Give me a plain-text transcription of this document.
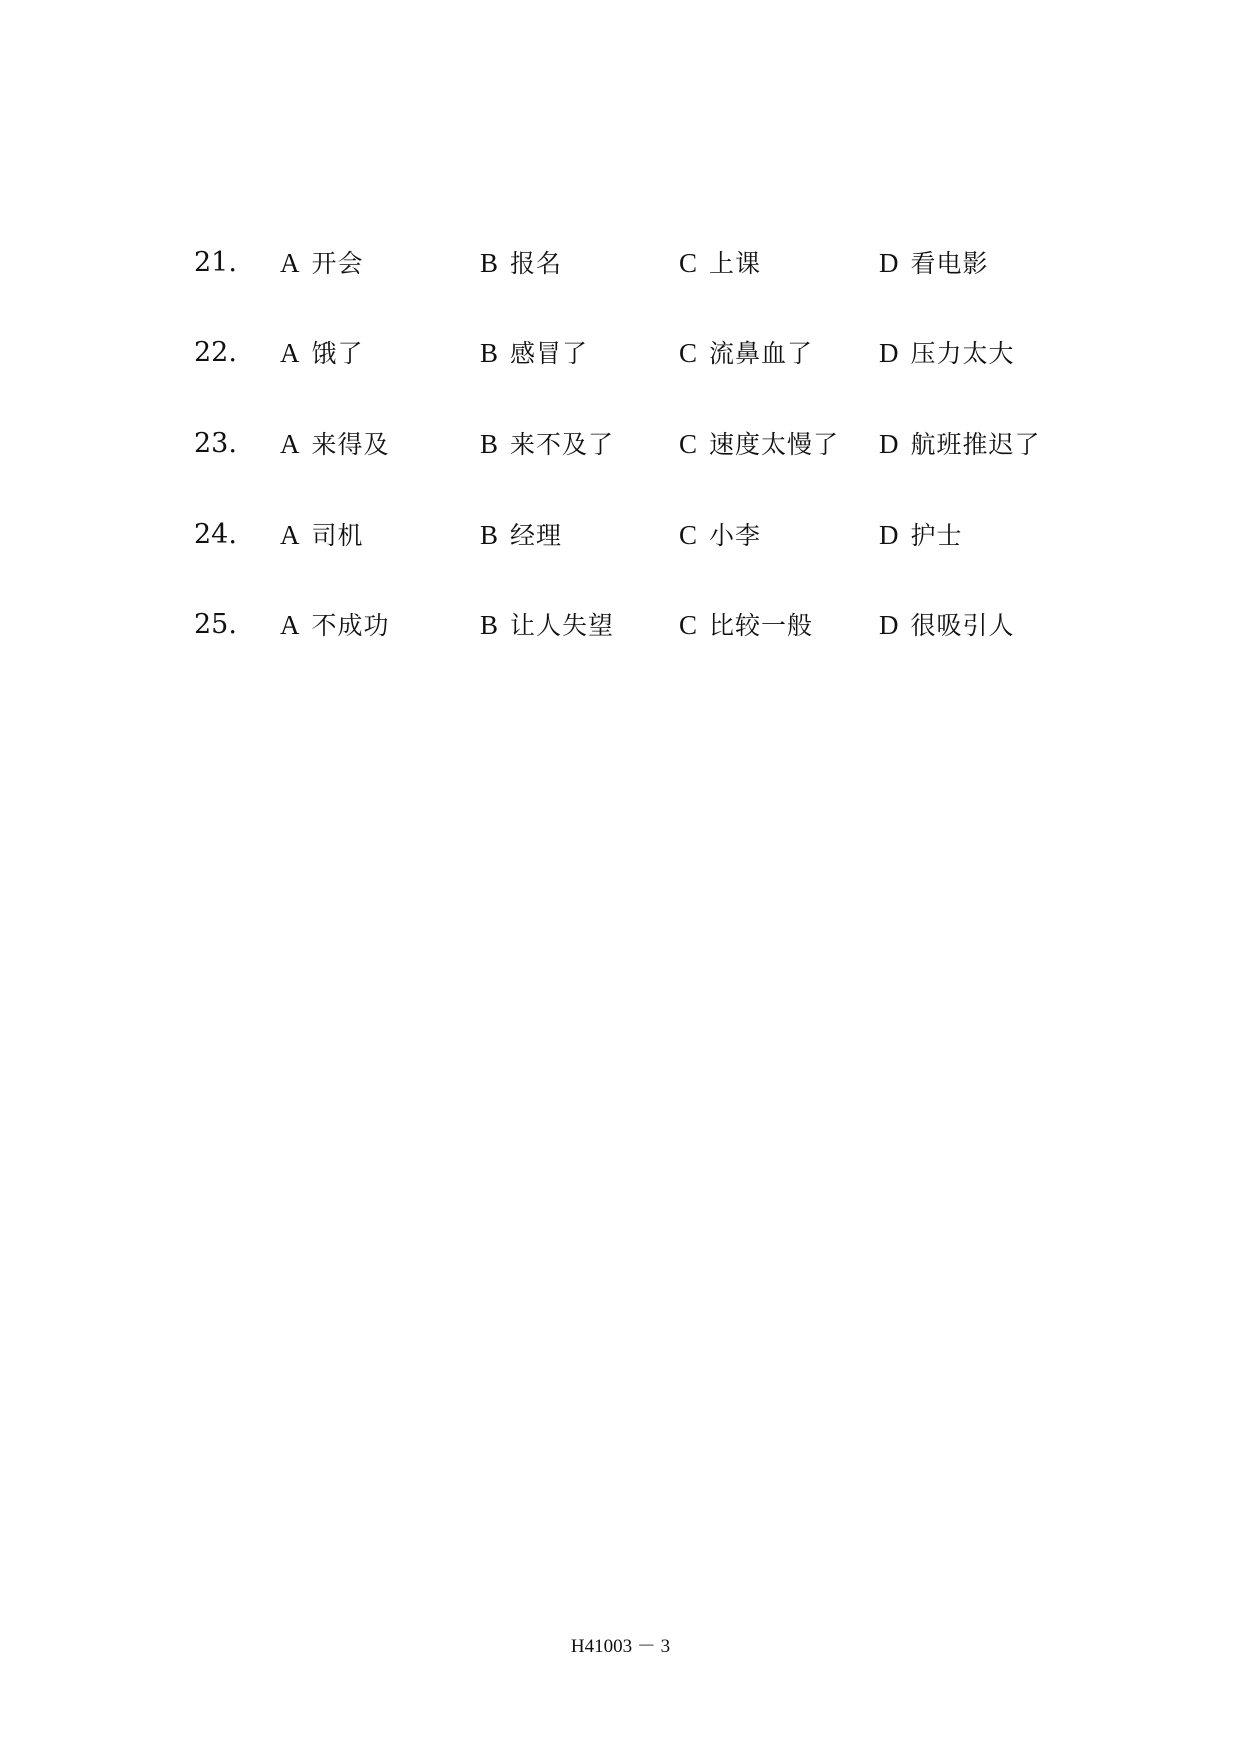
21. A 开会	B 报名	C 上课	D 看电影
22. A 饿了	B 感冒了	C 流鼻血了 D 压力太大
23. A 来得及	B 来不及了 C 速度太慢了 D 航班推迟了
24. A 司机	B 经理	C 小李	D 护士
25. A 不成功	B 让人失望 C 比较一般 D 很吸引人
H41003 － 3
